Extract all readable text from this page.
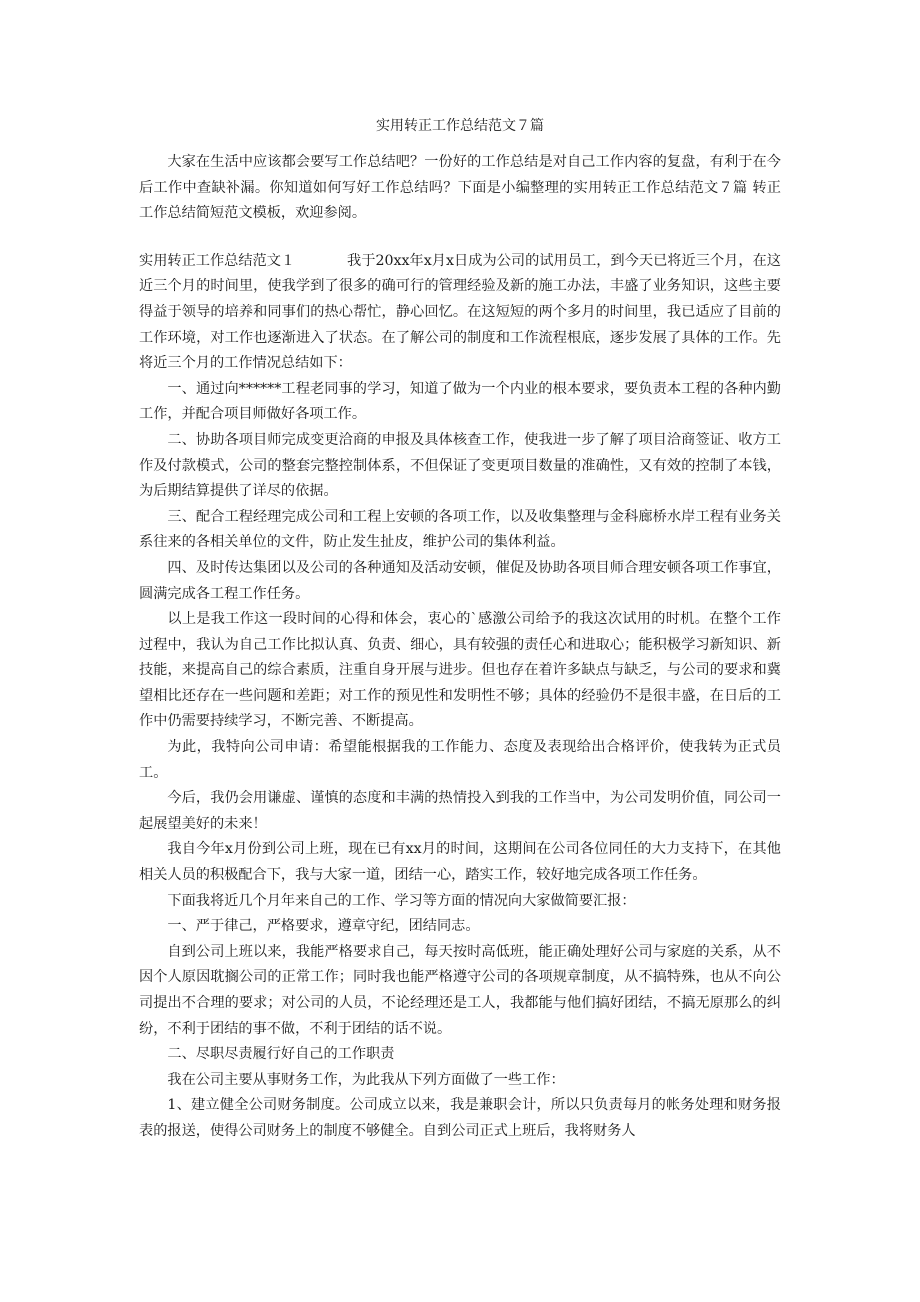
实用转正工作总结范文７篇

大家在生活中应该都会要写工作总结吧？一份好的工作总结是对自己工作内容的复盘，有利于在今后工作中查缺补漏。你知道如何写好工作总结吗？下面是小编整理的实用转正工作总结范文７篇 转正工作总结简短范文模板，欢迎参阅。

实用转正工作总结范文１	我于20xx年x月x日成为公司的试用员工，到今天已将近三个月，在这近三个月的时间里，使我学到了很多的确可行的管理经验及新的施工办法，丰盛了业务知识，这些主要得益于领导的培养和同事们的热心帮忙，静心回忆。在这短短的两个多月的时间里，我已适应了目前的工作环境，对工作也逐渐进入了状态。在了解公司的制度和工作流程根底，逐步发展了具体的工作。先将近三个月的工作情况总结如下：

一、通过向******工程老同事的学习，知道了做为一个内业的根本要求，要负责本工程的各种内勤工作，并配合项目师做好各项工作。

二、协助各项目师完成变更洽商的申报及具体核查工作，使我进一步了解了项目洽商签证、收方工作及付款模式，公司的整套完整控制体系，不但保证了变更项目数量的准确性，又有效的控制了本钱，为后期结算提供了详尽的依据。

三、配合工程经理完成公司和工程上安顿的各项工作，以及收集整理与金科廊桥水岸工程有业务关系往来的各相关单位的文件，防止发生扯皮，维护公司的集体利益。

四、及时传达集团以及公司的各种通知及活动安顿，催促及协助各项目师合理安顿各项工作事宜，圆满完成各工程工作任务。

以上是我工作这一段时间的心得和体会，衷心的`感激公司给予的我这次试用的时机。在整个工作过程中，我认为自己工作比拟认真、负责、细心，具有较强的责任心和进取心；能积极学习新知识、新技能，来提高自己的综合素质，注重自身开展与进步。但也存在着许多缺点与缺乏，与公司的要求和冀望相比还存在一些问题和差距；对工作的预见性和发明性不够；具体的经验仍不是很丰盛，在日后的工作中仍需要持续学习，不断完善、不断提高。

为此，我特向公司申请：希望能根据我的工作能力、态度及表现给出合格评价，使我转为正式员工。

今后，我仍会用谦虚、谨慎的态度和丰满的热情投入到我的工作当中，为公司发明价值，同公司一起展望美好的未来！

我自今年x月份到公司上班，现在已有xx月的时间，这期间在公司各位同任的大力支持下，在其他相关人员的积极配合下，我与大家一道，团结一心，踏实工作，较好地完成各项工作任务。

下面我将近几个月年来自己的工作、学习等方面的情况向大家做简要汇报：

一、严于律己，严格要求，遵章守纪，团结同志。

自到公司上班以来，我能严格要求自己，每天按时高低班，能正确处理好公司与家庭的关系，从不因个人原因耽搁公司的正常工作；同时我也能严格遵守公司的各项规章制度，从不搞特殊，也从不向公司提出不合理的要求；对公司的人员，不论经理还是工人，我都能与他们搞好团结，不搞无原那么的纠纷，不利于团结的事不做，不利于团结的话不说。

二、尽职尽责履行好自己的工作职责

我在公司主要从事财务工作，为此我从下列方面做了一些工作：

1、建立健全公司财务制度。公司成立以来，我是兼职会计，所以只负责每月的帐务处理和财务报表的报送，使得公司财务上的制度不够健全。自到公司正式上班后，我将财务人
